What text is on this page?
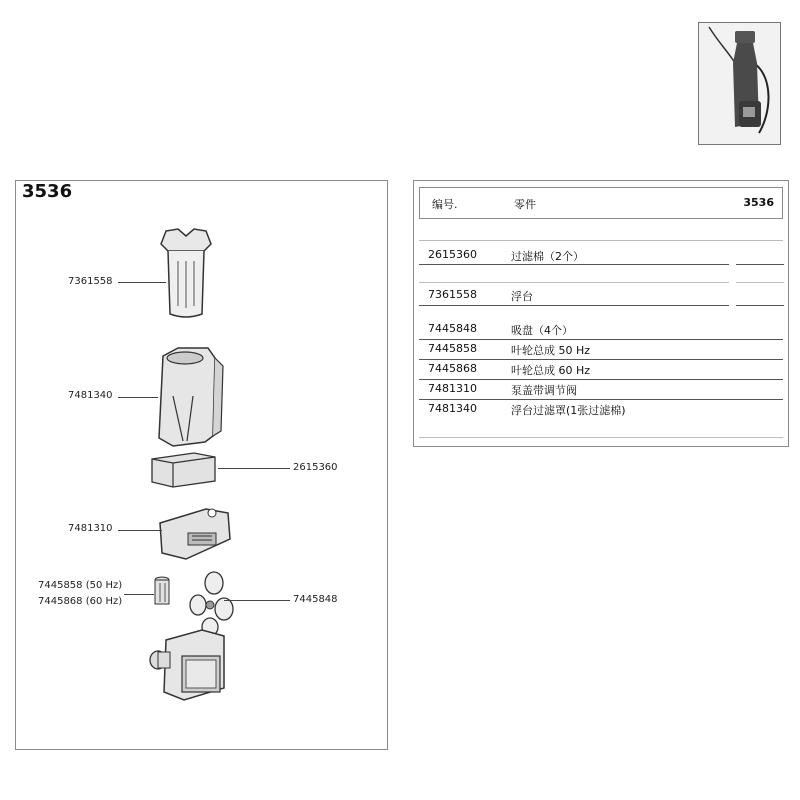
3536
7361558
7481340
2615360
7481310
7445858 (50 Hz)
7445868 (60 Hz)	7445848
编号.	零件	3536
2615360	过滤棉（2个）
7361558	浮台
7445848	吸盘（4个）
7445858	叶轮总成 50 Hz
7445868	叶轮总成 60 Hz
7481310	泵盖带调节阀
7481340	浮台过滤罩(1张过滤棉)
